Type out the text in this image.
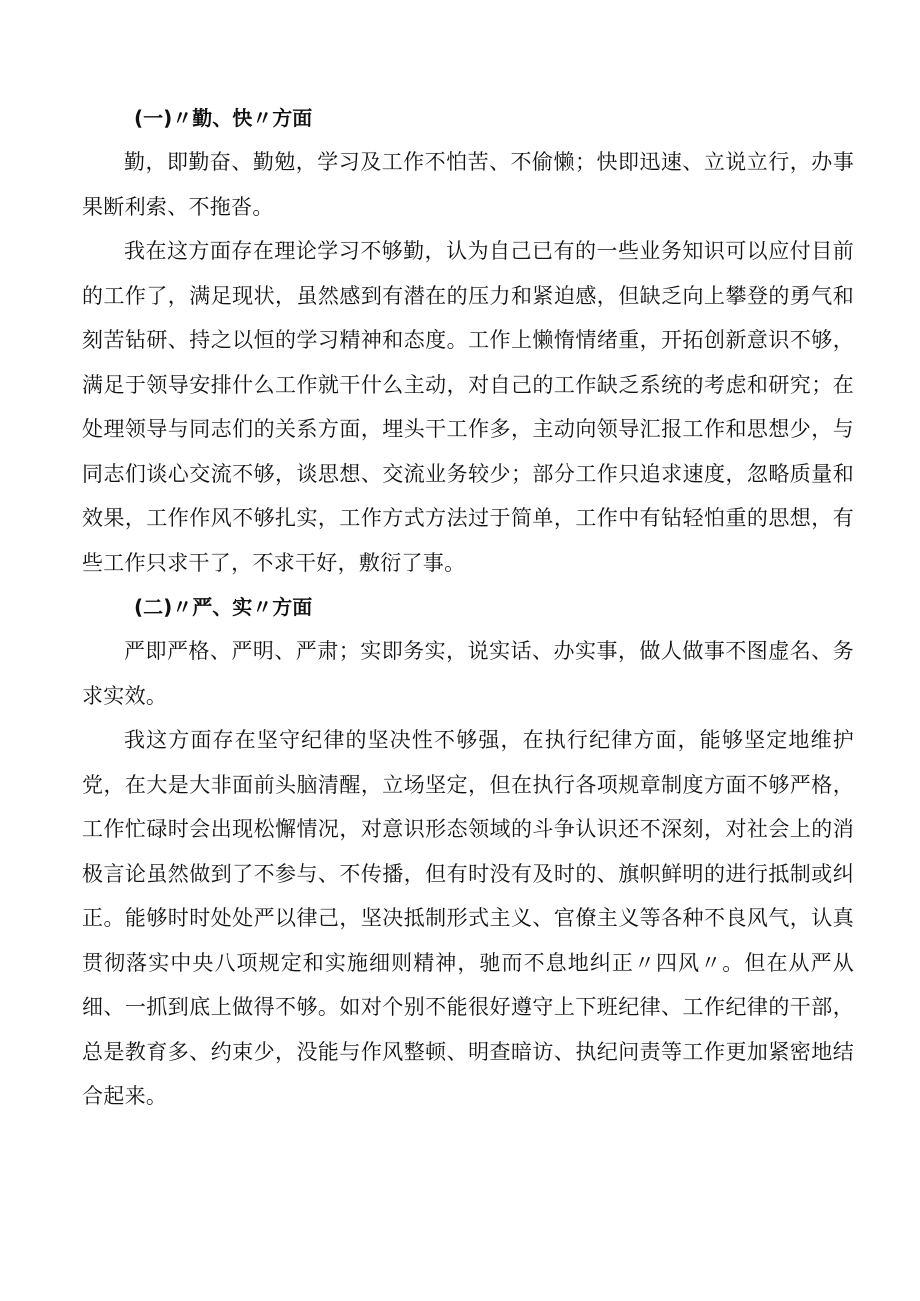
(一)〃勤、快〃方面

勤，即勤奋、勤勉，学习及工作不怕苦、不偷懒；快即迅速、立说立行，办事果断利索、不拖沓。

我在这方面存在理论学习不够勤，认为自己已有的一些业务知识可以应付目前的工作了，满足现状，虽然感到有潜在的压力和紧迫感，但缺乏向上攀登的勇气和刻苦钻研、持之以恒的学习精神和态度。工作上懒惰情绪重，开拓创新意识不够，满足于领导安排什么工作就干什么主动，对自己的工作缺乏系统的考虑和研究；在处理领导与同志们的关系方面，埋头干工作多，主动向领导汇报工作和思想少，与同志们谈心交流不够，谈思想、交流业务较少；部分工作只追求速度，忽略质量和效果，工作作风不够扎实，工作方式方法过于简单，工作中有钻轻怕重的思想，有些工作只求干了，不求干好，敷衍了事。

(二)〃严、实〃方面

严即严格、严明、严肃；实即务实，说实话、办实事，做人做事不图虚名、务求实效。

我这方面存在坚守纪律的坚决性不够强，在执行纪律方面，能够坚定地维护党，在大是大非面前头脑清醒，立场坚定，但在执行各项规章制度方面不够严格，工作忙碌时会出现松懈情况，对意识形态领域的斗争认识还不深刻，对社会上的消极言论虽然做到了不参与、不传播，但有时没有及时的、旗帜鲜明的进行抵制或纠正。能够时时处处严以律己，坚决抵制形式主义、官僚主义等各种不良风气，认真贯彻落实中央八项规定和实施细则精神，驰而不息地纠正〃四风〃。但在从严从细、一抓到底上做得不够。如对个别不能很好遵守上下班纪律、工作纪律的干部，总是教育多、约束少，没能与作风整顿、明查暗访、执纪问责等工作更加紧密地结合起来。
